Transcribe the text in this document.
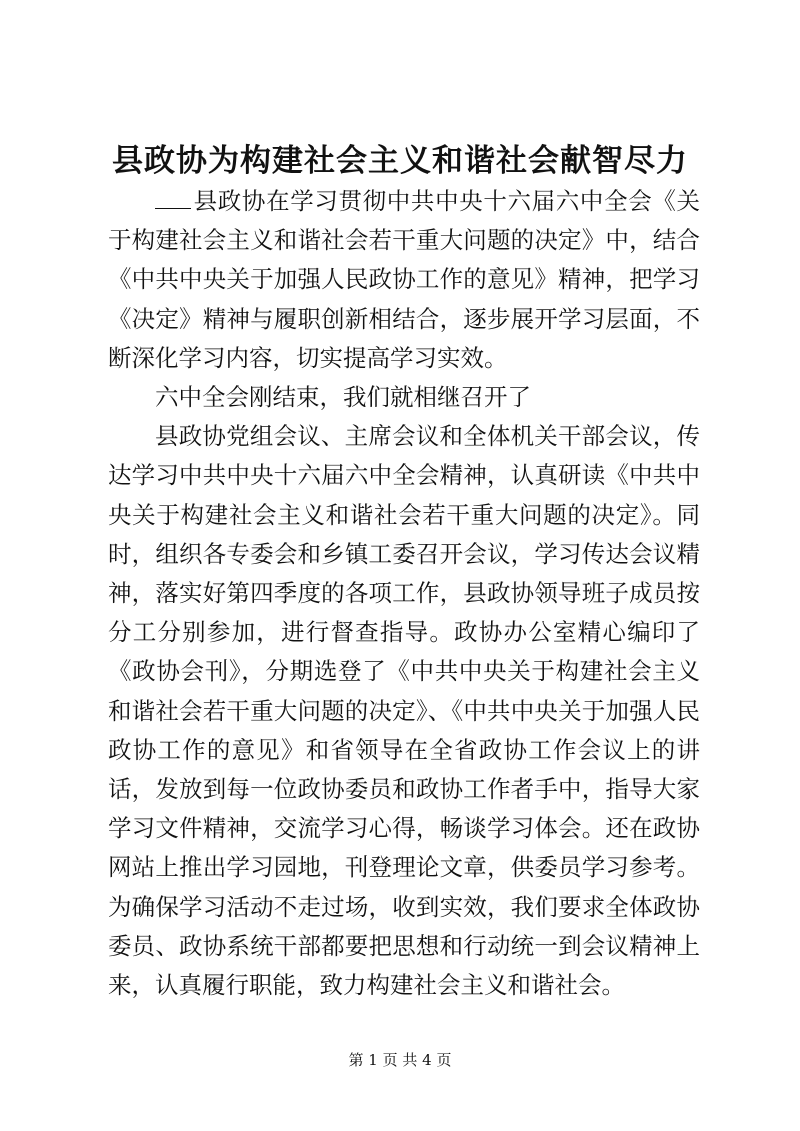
县政协为构建社会主义和谐社会献智尽力

县政协在学习贯彻中共中央十六届六中全会《关于构建社会主义和谐社会若干重大问题的决定》中，结合《中共中央关于加强人民政协工作的意见》精神，把学习《决定》精神与履职创新相结合，逐步展开学习层面，不断深化学习内容，切实提高学习实效。

六中全会刚结束，我们就相继召开了

县政协党组会议、主席会议和全体机关干部会议，传达学习中共中央十六届六中全会精神，认真研读《中共中央关于构建社会主义和谐社会若干重大问题的决定》。同时，组织各专委会和乡镇工委召开会议，学习传达会议精神，落实好第四季度的各项工作，县政协领导班子成员按分工分别参加，进行督查指导。政协办公室精心编印了《政协会刊》，分期选登了《中共中央关于构建社会主义和谐社会若干重大问题的决定》、《中共中央关于加强人民政协工作的意见》和省领导在全省政协工作会议上的讲话，发放到每一位政协委员和政协工作者手中，指导大家学习文件精神，交流学习心得，畅谈学习体会。还在政协网站上推出学习园地，刊登理论文章，供委员学习参考。为确保学习活动不走过场，收到实效，我们要求全体政协委员、政协系统干部都要把思想和行动统一到会议精神上来，认真履行职能，致力构建社会主义和谐社会。

第 1 页 共 4 页
